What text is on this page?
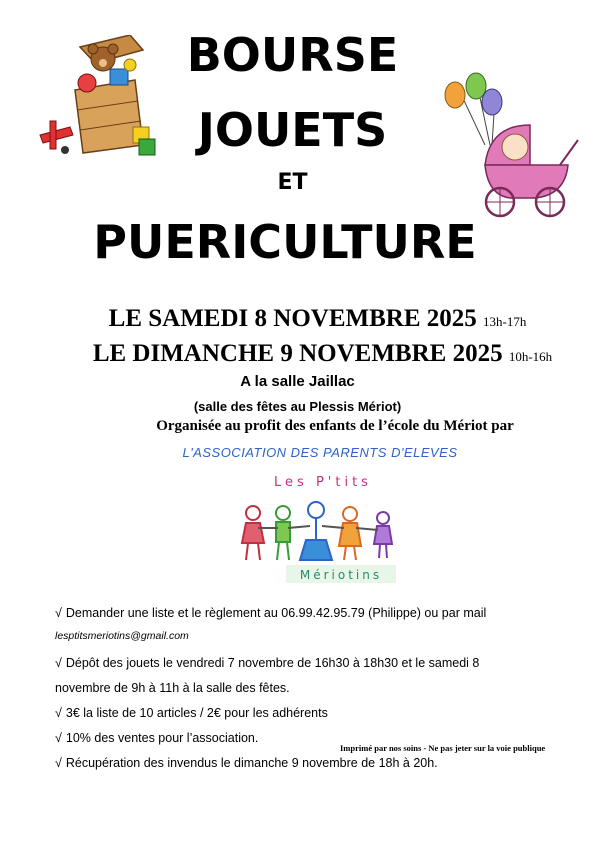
BOURSE
JOUETS
ET
PUERICULTURE
LE SAMEDI 8 NOVEMBRE 2025 13h-17h
LE DIMANCHE 9 NOVEMBRE 2025 10h-16h
A la salle Jaillac
(salle des fêtes au Plessis Mériot)
Organisée au profit des enfants de l’école du Mériot par
L'ASSOCIATION DES PARENTS D'ELEVES
Les P'tits
Mériotins
√ Demander une liste et le règlement au 06.99.42.95.79 (Philippe) ou par mail
lesptitsmeriotins@gmail.com
√ Dépôt des jouets le vendredi 7 novembre de 16h30 à 18h30 et le samedi 8
novembre de 9h à 11h à la salle des fêtes.
√ 3€ la liste de 10 articles / 2€ pour les adhérents
√ 10% des ventes pour l’association.
Imprimé par nos soins - Ne pas jeter sur la voie publique
√ Récupération des invendus le dimanche 9 novembre de 18h à 20h.
